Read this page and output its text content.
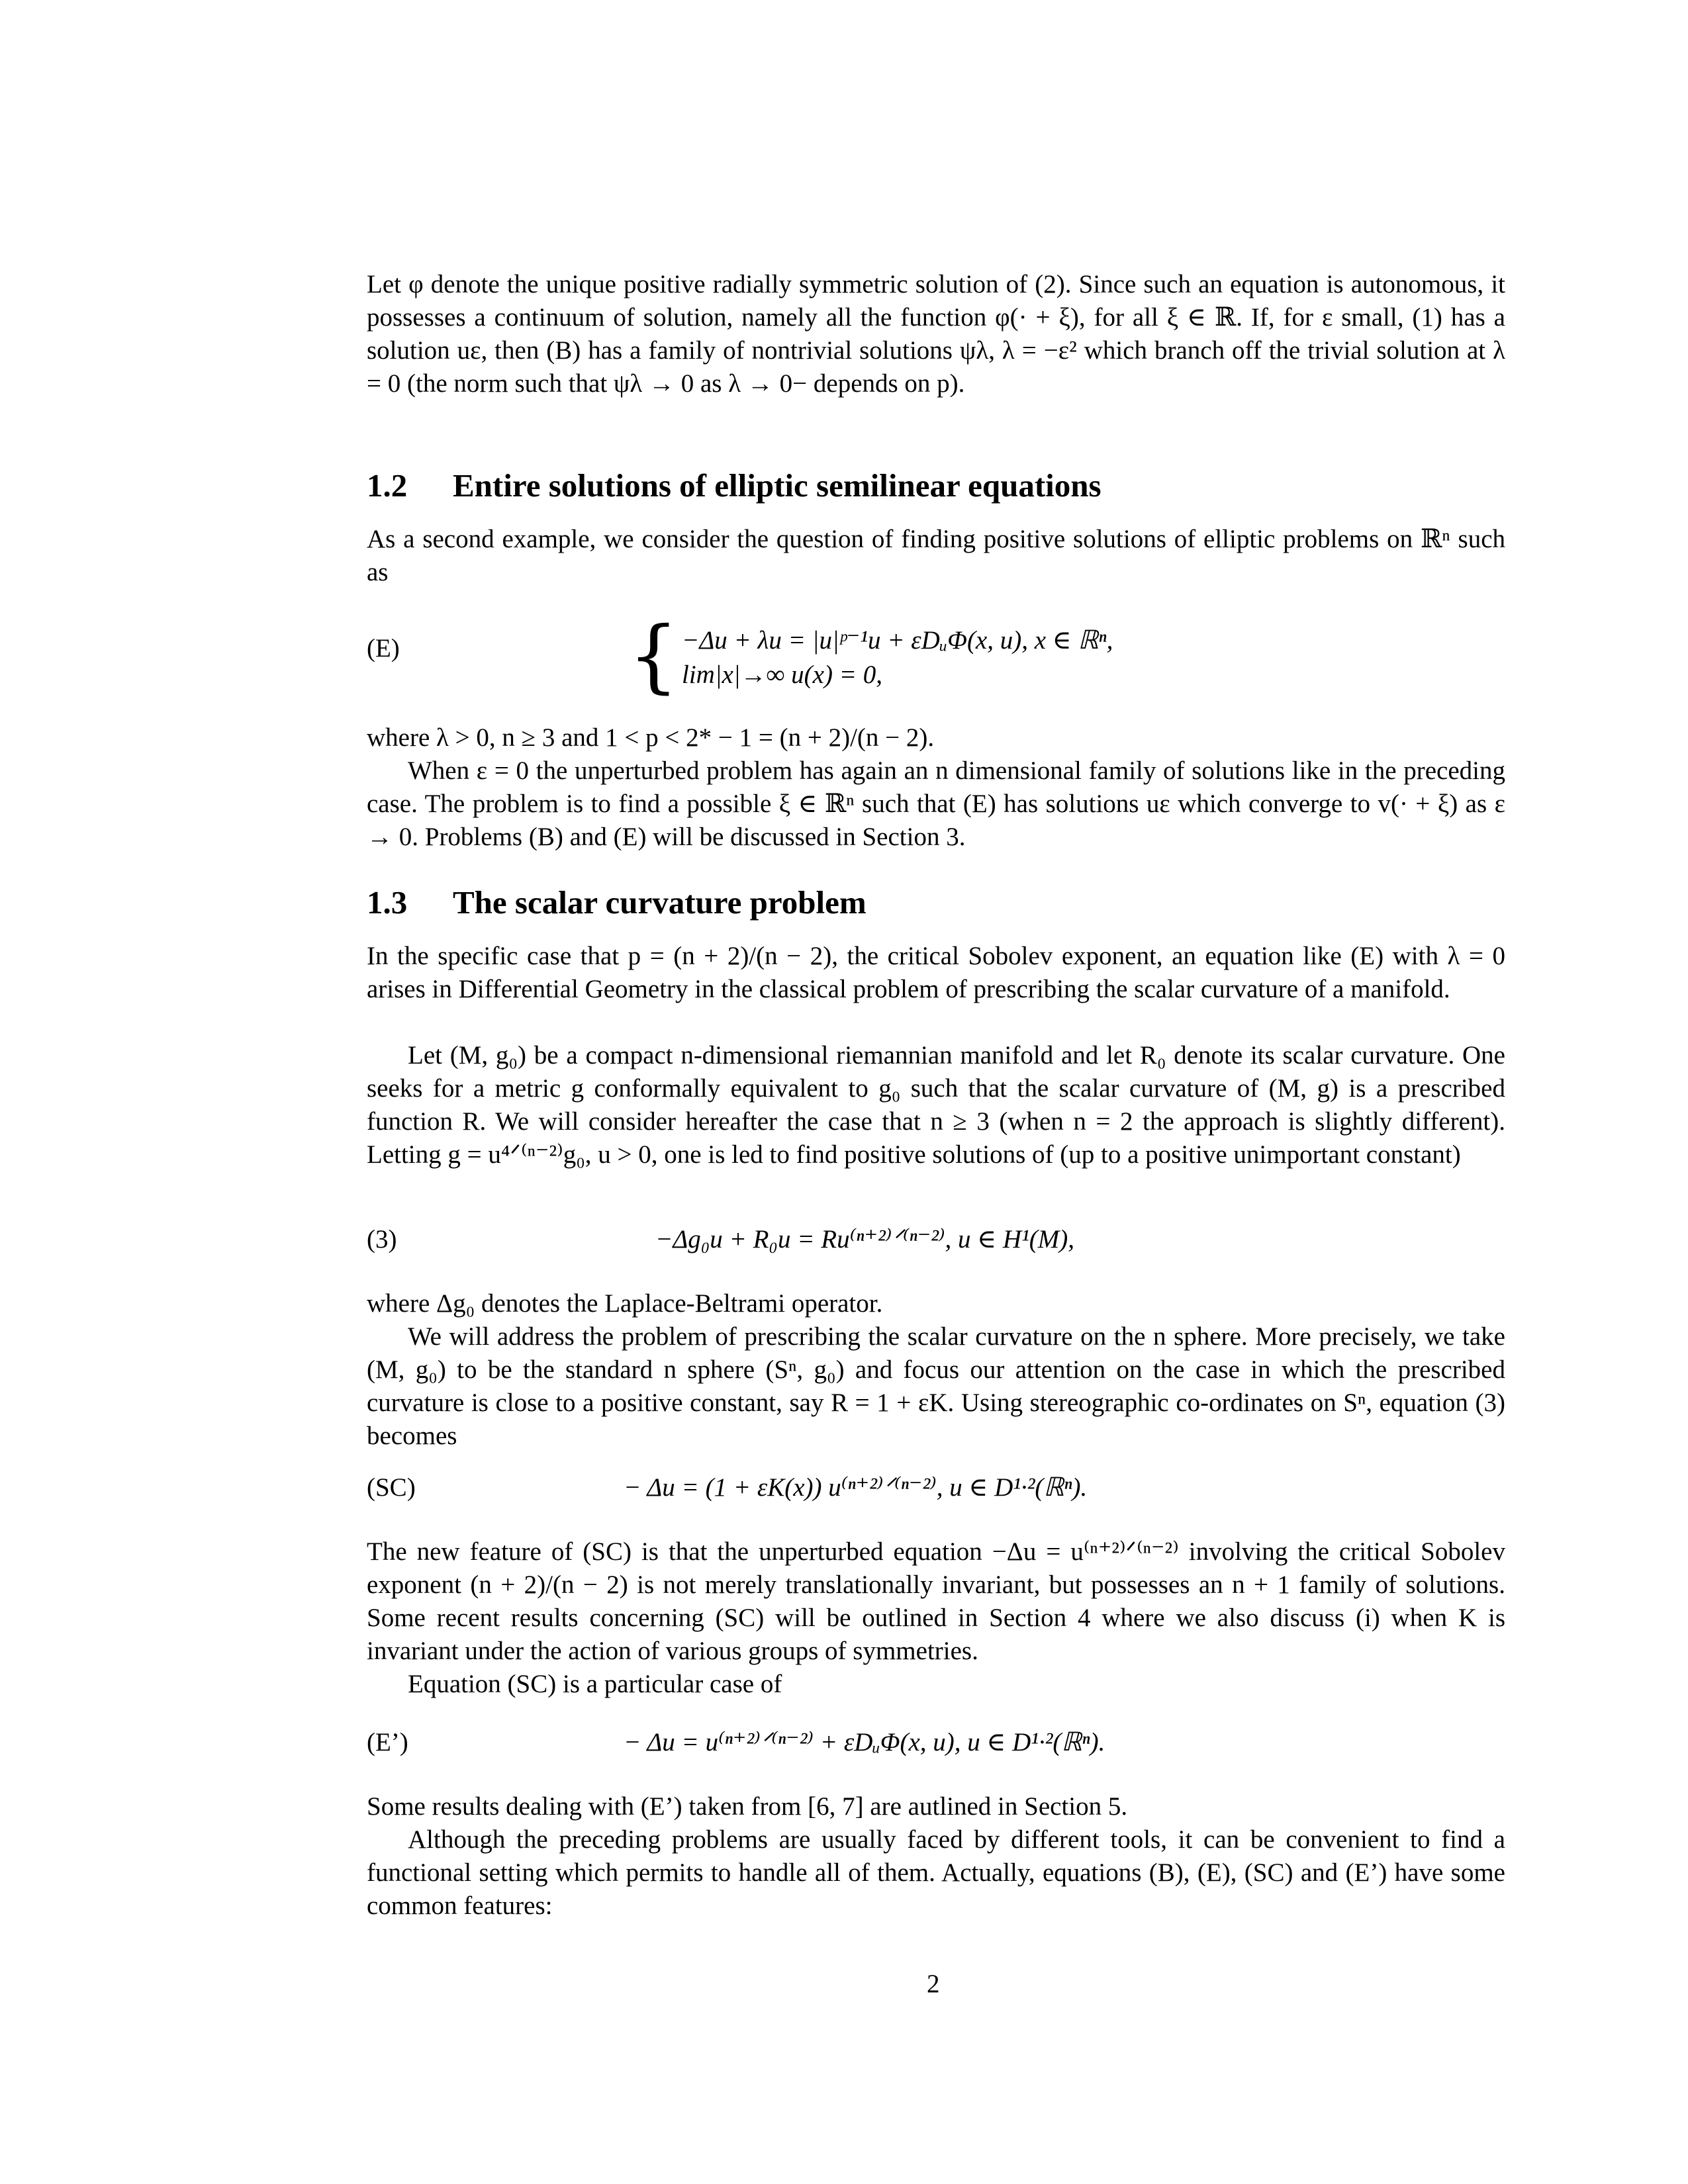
Let φ denote the unique positive radially symmetric solution of (2). Since such an equation is autonomous, it possesses a continuum of solution, namely all the function φ(· + ξ), for all ξ ∈ ℝ. If, for ε small, (1) has a solution uε, then (B) has a family of nontrivial solutions ψλ, λ = −ε² which branch off the trivial solution at λ = 0 (the norm such that ψλ → 0 as λ → 0− depends on p).

1.2 Entire solutions of elliptic semilinear equations

As a second example, we consider the question of finding positive solutions of elliptic problems on ℝⁿ such as

(E)	{ −Δu + λu = |u|ᵖ⁻¹u + εDᵤΦ(x, u), x ∈ ℝⁿ,
lim|x|→∞ u(x) = 0,

where λ > 0, n ≥ 3 and 1 < p < 2* − 1 = (n + 2)/(n − 2).

When ε = 0 the unperturbed problem has again an n dimensional family of solutions like in the preceding case. The problem is to find a possible ξ ∈ ℝⁿ such that (E) has solutions uε which converge to v(· + ξ) as ε → 0. Problems (B) and (E) will be discussed in Section 3.

1.3 The scalar curvature problem

In the specific case that p = (n + 2)/(n − 2), the critical Sobolev exponent, an equation like (E) with λ = 0 arises in Differential Geometry in the classical problem of prescribing the scalar curvature of a manifold.

Let (M, g₀) be a compact n-dimensional riemannian manifold and let R₀ denote its scalar curvature. One seeks for a metric g conformally equivalent to g₀ such that the scalar curvature of (M, g) is a prescribed function R. We will consider hereafter the case that n ≥ 3 (when n = 2 the approach is slightly different). Letting g = u⁴ᐟ⁽ⁿ⁻²⁾g₀, u > 0, one is led to find positive solutions of (up to a positive unimportant constant)

(3)	−Δg₀u + R₀u = Ru⁽ⁿ⁺²⁾ᐟ⁽ⁿ⁻²⁾, u ∈ H¹(M),

where Δg₀ denotes the Laplace-Beltrami operator.

We will address the problem of prescribing the scalar curvature on the n sphere. More precisely, we take (M, g₀) to be the standard n sphere (Sⁿ, g₀) and focus our attention on the case in which the prescribed curvature is close to a positive constant, say R = 1 + εK. Using stereographic co-ordinates on Sⁿ, equation (3) becomes

(SC)	− Δu = (1 + εK(x)) u⁽ⁿ⁺²⁾ᐟ⁽ⁿ⁻²⁾, u ∈ D¹·²(ℝⁿ).

The new feature of (SC) is that the unperturbed equation −Δu = u⁽ⁿ⁺²⁾ᐟ⁽ⁿ⁻²⁾ involving the critical Sobolev exponent (n + 2)/(n − 2) is not merely translationally invariant, but possesses an n + 1 family of solutions. Some recent results concerning (SC) will be outlined in Section 4 where we also discuss (i) when K is invariant under the action of various groups of symmetries.

Equation (SC) is a particular case of

(E’)	− Δu = u⁽ⁿ⁺²⁾ᐟ⁽ⁿ⁻²⁾ + εDᵤΦ(x, u), u ∈ D¹·²(ℝⁿ).

Some results dealing with (E’) taken from [6, 7] are autlined in Section 5.

Although the preceding problems are usually faced by different tools, it can be convenient to find a functional setting which permits to handle all of them. Actually, equations (B), (E), (SC) and (E’) have some common features:

2
